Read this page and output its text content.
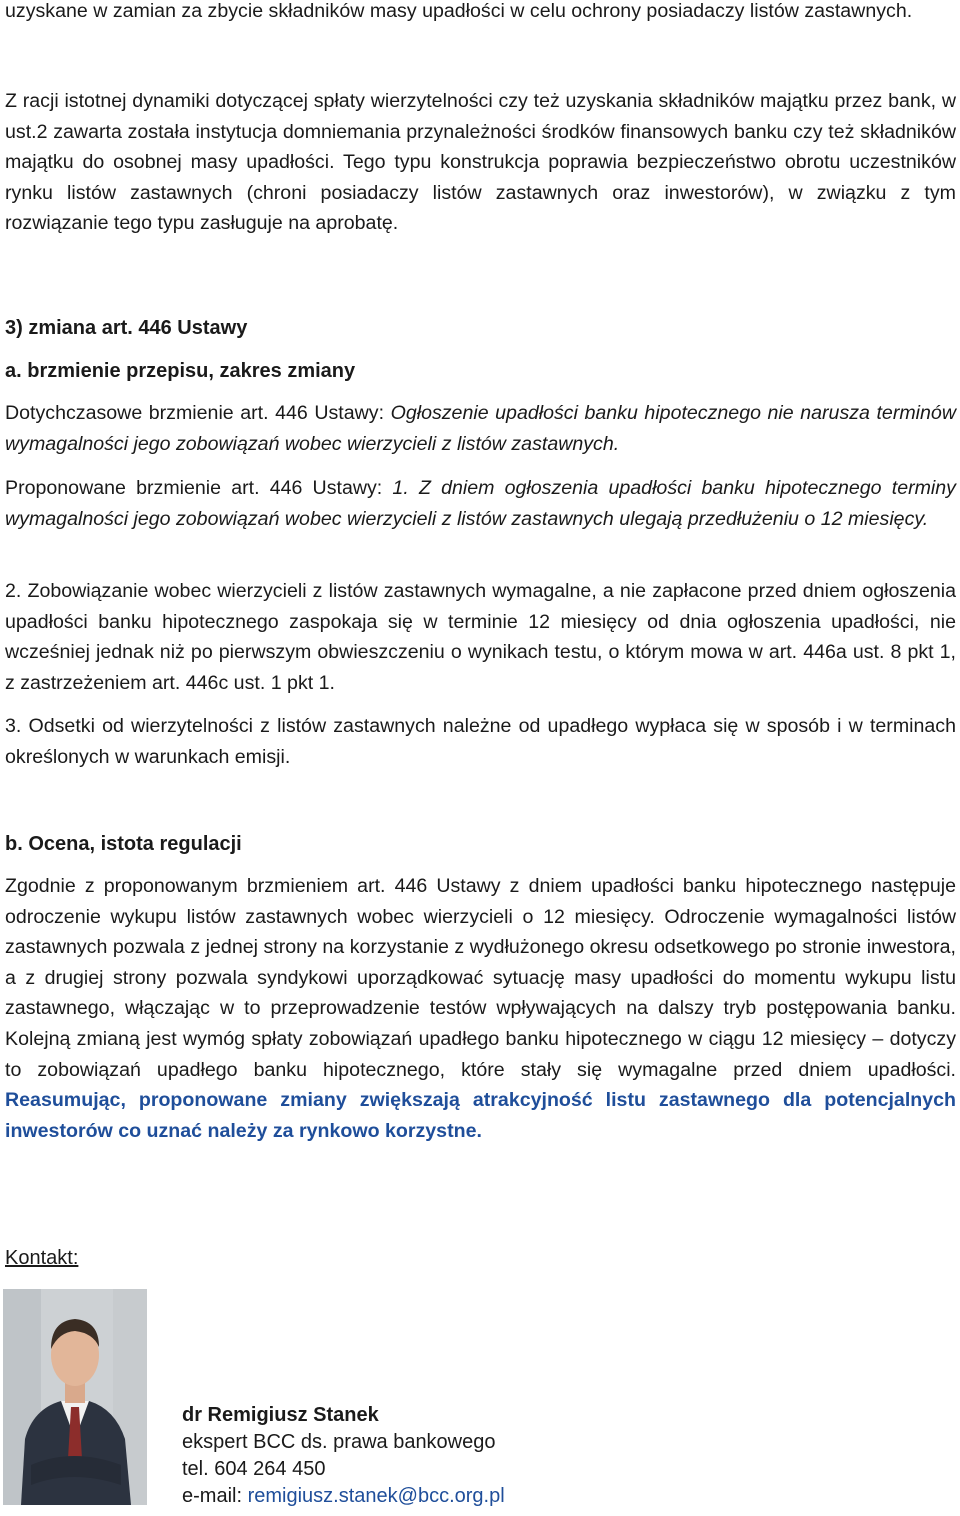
uzyskane w zamian za zbycie składników masy upadłości w celu ochrony posiadaczy listów zastawnych.

Z racji istotnej dynamiki dotyczącej spłaty wierzytelności czy też uzyskania składników majątku przez bank, w ust.2 zawarta została instytucja domniemania przynależności środków finansowych banku czy też składników majątku do osobnej masy upadłości. Tego typu konstrukcja poprawia bezpieczeństwo obrotu uczestników rynku listów zastawnych (chroni posiadaczy listów zastawnych oraz inwestorów), w związku z tym rozwiązanie tego typu zasługuje na aprobatę.

3) zmiana art. 446 Ustawy

a. brzmienie przepisu, zakres zmiany

Dotychczasowe brzmienie art. 446 Ustawy: Ogłoszenie upadłości banku hipotecznego nie narusza terminów wymagalności jego zobowiązań wobec wierzycieli z listów zastawnych.

Proponowane brzmienie art. 446 Ustawy: 1. Z dniem ogłoszenia upadłości banku hipotecznego terminy wymagalności jego zobowiązań wobec wierzycieli z listów zastawnych ulegają przedłużeniu o 12 miesięcy.

2. Zobowiązanie wobec wierzycieli z listów zastawnych wymagalne, a nie zapłacone przed dniem ogłoszenia upadłości banku hipotecznego zaspokaja się w terminie 12 miesięcy od dnia ogłoszenia upadłości, nie wcześniej jednak niż po pierwszym obwieszczeniu o wynikach testu, o którym mowa w art. 446a ust. 8 pkt 1, z zastrzeżeniem art. 446c ust. 1 pkt 1.

3. Odsetki od wierzytelności z listów zastawnych należne od upadłego wypłaca się w sposób i w terminach określonych w warunkach emisji.

b. Ocena, istota regulacji

Zgodnie z proponowanym brzmieniem art. 446 Ustawy z dniem upadłości banku hipotecznego następuje odroczenie wykupu listów zastawnych wobec wierzycieli o 12 miesięcy. Odroczenie wymagalności listów zastawnych pozwala z jednej strony na korzystanie z wydłużonego okresu odsetkowego po stronie inwestora, a z drugiej strony pozwala syndykowi uporządkować sytuację masy upadłości do momentu wykupu listu zastawnego, włączając w to przeprowadzenie testów wpływających na dalszy tryb postępowania banku. Kolejną zmianą jest wymóg spłaty zobowiązań upadłego banku hipotecznego w ciągu 12 miesięcy – dotyczy to zobowiązań upadłego banku hipotecznego, które stały się wymagalne przed dniem upadłości. Reasumując, proponowane zmiany zwiększają atrakcyjność listu zastawnego dla potencjalnych inwestorów co uznać należy za rynkowo korzystne.

Kontakt:

dr Remigiusz Stanek
ekspert BCC ds. prawa bankowego
tel. 604 264 450
e-mail: remigiusz.stanek@bcc.org.pl
